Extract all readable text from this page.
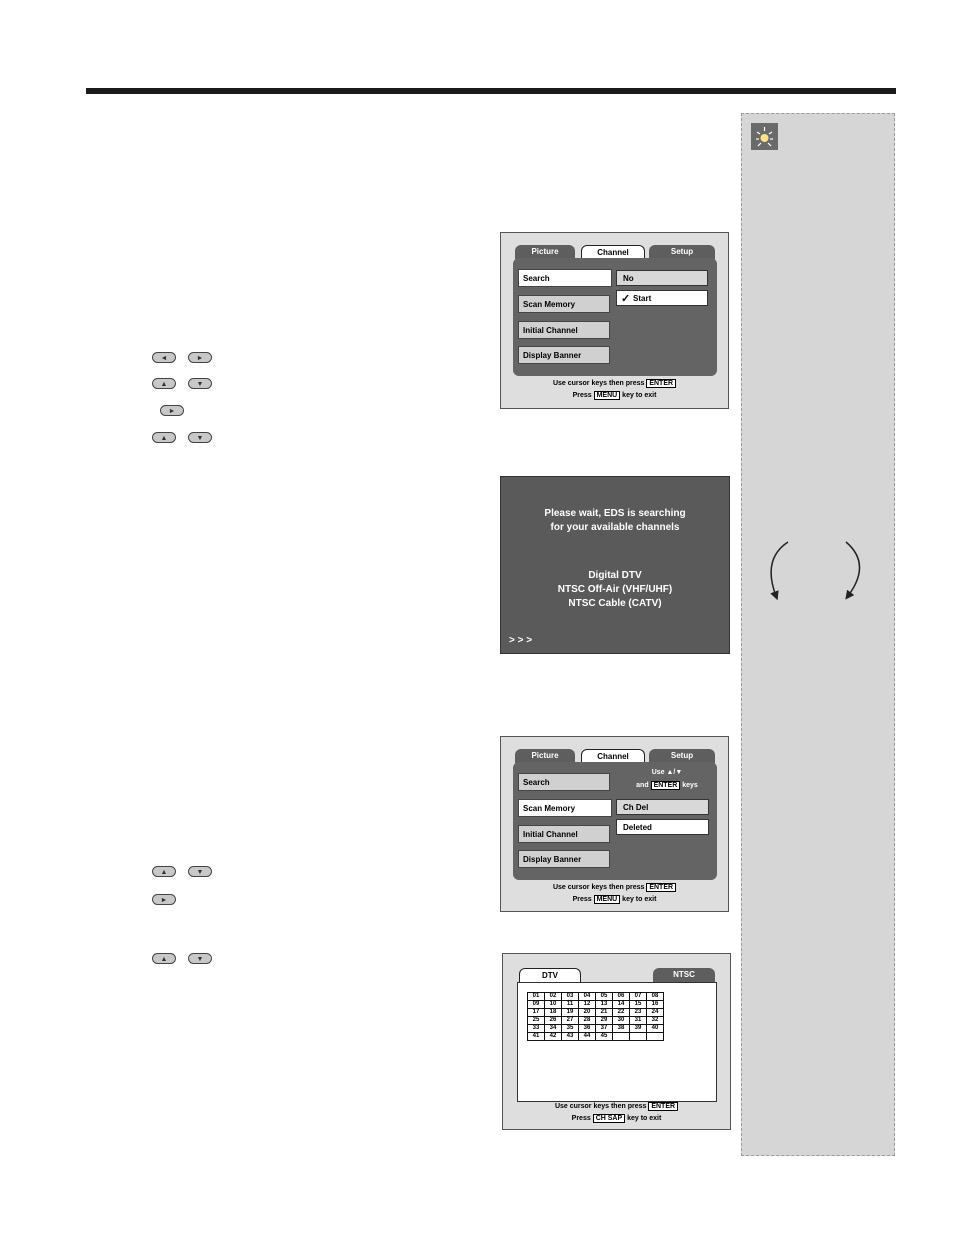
◄	►
▲	▼
►
▲	▼
▲	▼
►
▲	▼
Picture	Channel	Setup
Search
Scan Memory
Initial Channel
Display Banner
No
✓ Start
Use cursor keys then press ENTER
Press MENU key to exit
Please wait, EDS is searching
for your available channels
Digital DTV
NTSC Off-Air (VHF/UHF)
NTSC Cable (CATV)
> > >
Picture	Channel	Setup
Search
Scan Memory
Initial Channel
Display Banner
Use ▲/▼
and ENTER keys
Ch Del
Deleted
Use cursor keys then press ENTER
Press MENU key to exit
DTV	NTSC
01	02	03	04	05	06	07	08
09	10	11	12	13	14	15	16
17	18	19	20	21	22	23	24
25	26	27	28	29	30	31	32
33	34	35	36	37	38	39	40
41	42	43	44	45			
Use cursor keys then press ENTER
Press CH SAP key to exit
